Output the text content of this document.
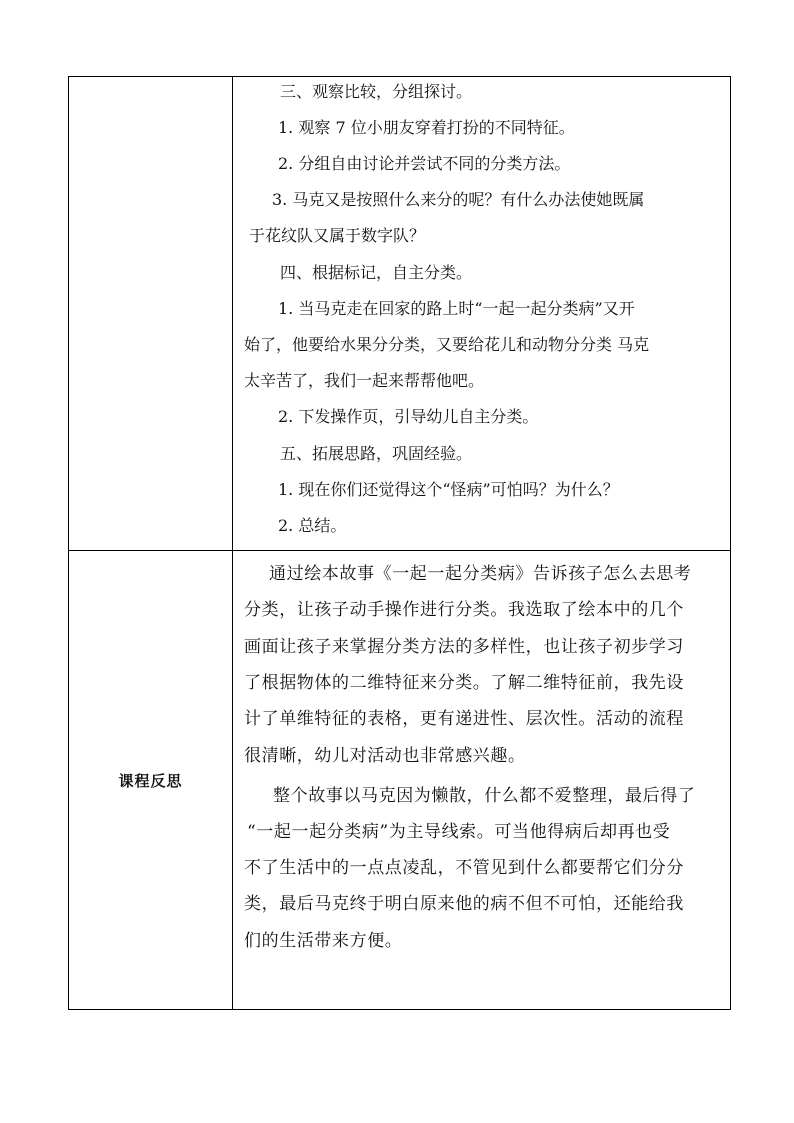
三、观察比较，分组探讨。
1. 观察 7 位小朋友穿着打扮的不同特征。
2. 分组自由讨论并尝试不同的分类方法。
3. 马克又是按照什么来分的呢？有什么办法使她既属
于花纹队又属于数字队？
四、根据标记，自主分类。
1. 当马克走在回家的路上时“一起一起分类病”又开
始了，他要给水果分分类，又要给花儿和动物分分类 马克
太辛苦了，我们一起来帮帮他吧。
2. 下发操作页，引导幼儿自主分类。
五、拓展思路，巩固经验。
1. 现在你们还觉得这个“怪病”可怕吗？为什么？
2. 总结。
课程反思
通过绘本故事《一起一起分类病》告诉孩子怎么去思考
分类，让孩子动手操作进行分类。我选取了绘本中的几个
画面让孩子来掌握分类方法的多样性，也让孩子初步学习
了根据物体的二维特征来分类。了解二维特征前，我先设
计了单维特征的表格，更有递进性、层次性。活动的流程
很清晰，幼儿对活动也非常感兴趣。
整个故事以马克因为懒散，什么都不爱整理，最后得了
“一起一起分类病”为主导线索。可当他得病后却再也受
不了生活中的一点点凌乱，不管见到什么都要帮它们分分
类，最后马克终于明白原来他的病不但不可怕，还能给我
们的生活带来方便。
